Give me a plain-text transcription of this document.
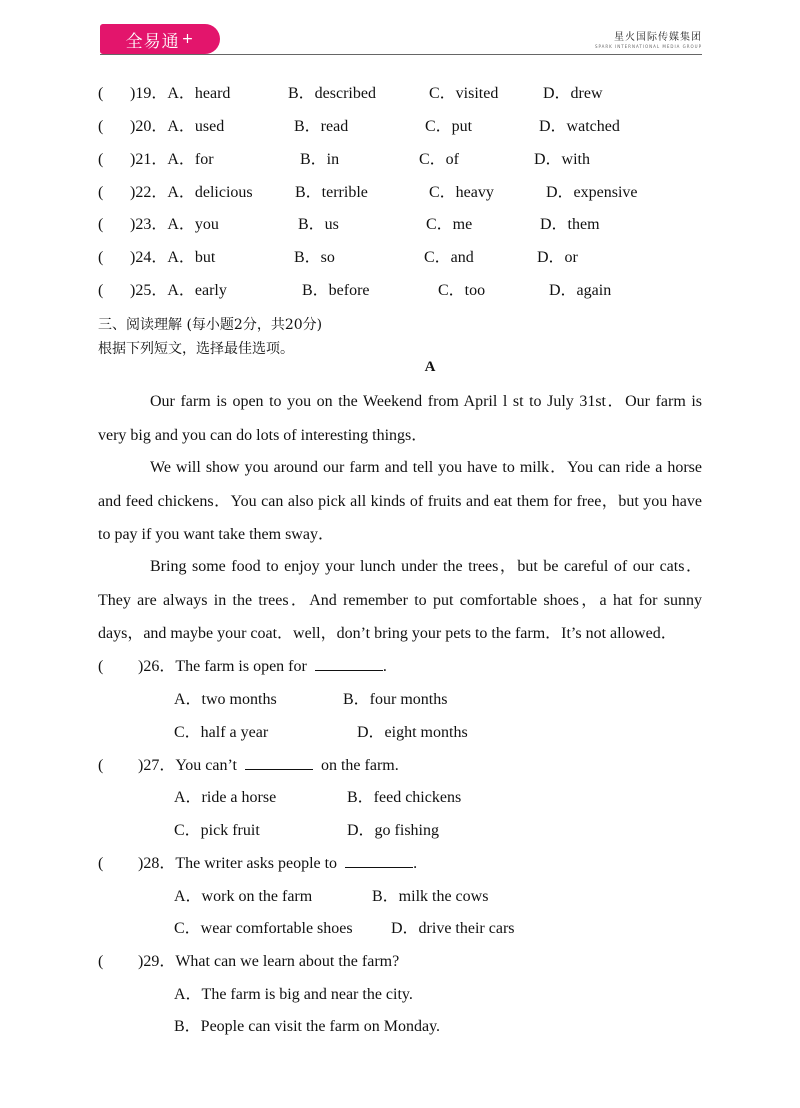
全易通 +	星火国际传媒集团
SPARK INTERNATIONAL MEDIA GROUP
( )19．A．heard	B．described	C．visited	D．drew
( )20．A．used	B．read	C．put	D．watched
( )21．A．for	B．in	C．of	D．with
( )22．A．delicious	B．terrible	C．heavy	D．expensive
( )23．A．you	B．us	C．me	D．them
( )24．A．but	B．so	C．and	D．or
( )25．A．early	B．before	C．too	D．again
三、阅读理解 (每小题2分，共20分)
根据下列短文，选择最佳选项。
A
Our farm is open to you on the Weekend from April l st to July 31st．Our farm is very big and you can do lots of interesting things．
We will show you around our farm and tell you have to milk．You can ride a horse and feed chickens．You can also pick all kinds of fruits and eat them for free，but you have to pay if you want take them sway．
Bring some food to enjoy your lunch under the trees，but be careful of our cats．They are always in the trees．And remember to put comfortable shoes，a hat for sunny days，and maybe your coat．well，don’t bring your pets to the farm．It’s not allowed．
( )26．The farm is open for	.
A．two months	B．four months
C．half a year	D．eight months
( )27．You can’t	on the farm.
A．ride a horse	B．feed chickens
C．pick fruit	D．go fishing
( )28．The writer asks people to	.
A．work on the farm	B．milk the cows
C．wear comfortable shoes D．drive their cars
( )29．What can we learn about the farm?
A．The farm is big and near the city.
B．People can visit the farm on Monday.
